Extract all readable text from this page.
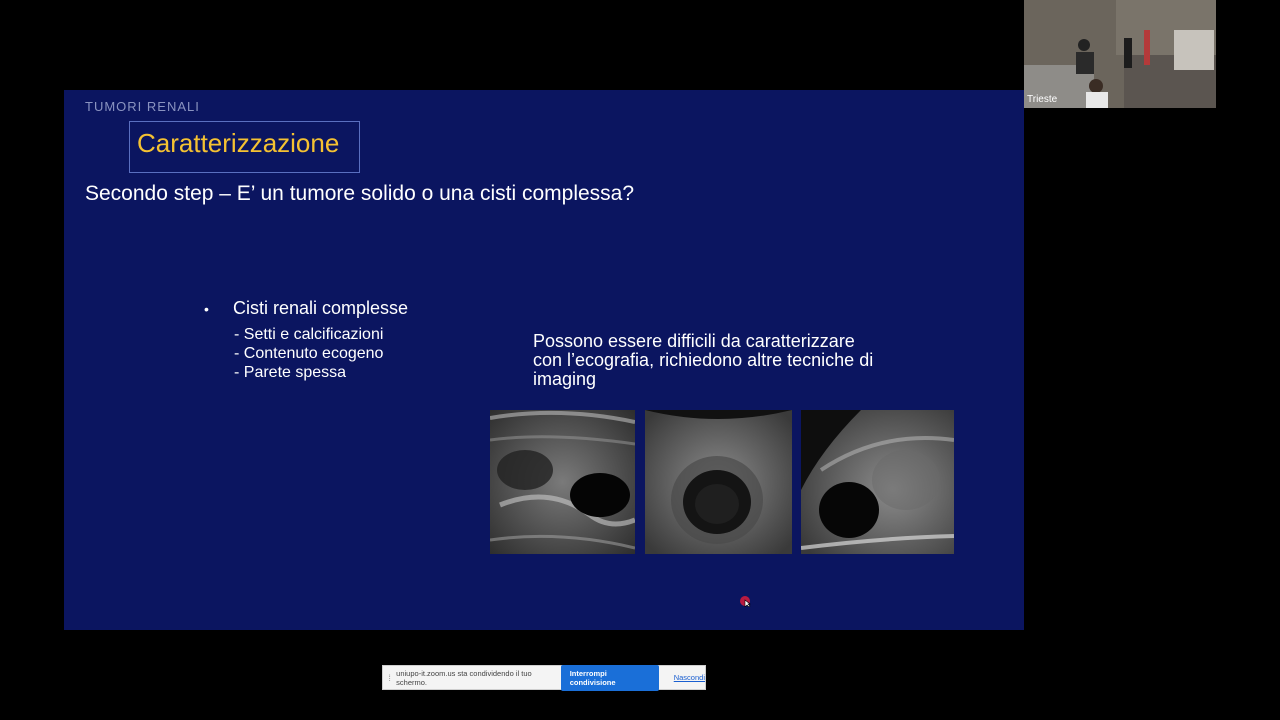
TUMORI RENALI
Caratterizzazione
Secondo step – E’ un tumore solido o una cisti complessa?
•	Cisti renali complesse
- Setti e calcificazioni
- Contenuto ecogeno
- Parete spessa
Possono essere difficili da caratterizzare
con l’ecografia, richiedono altre tecniche di
imaging
Trieste
⁞ uniupo-it.zoom.us sta condividendo il tuo schermo.
Interrompi condivisione	Nascondi
